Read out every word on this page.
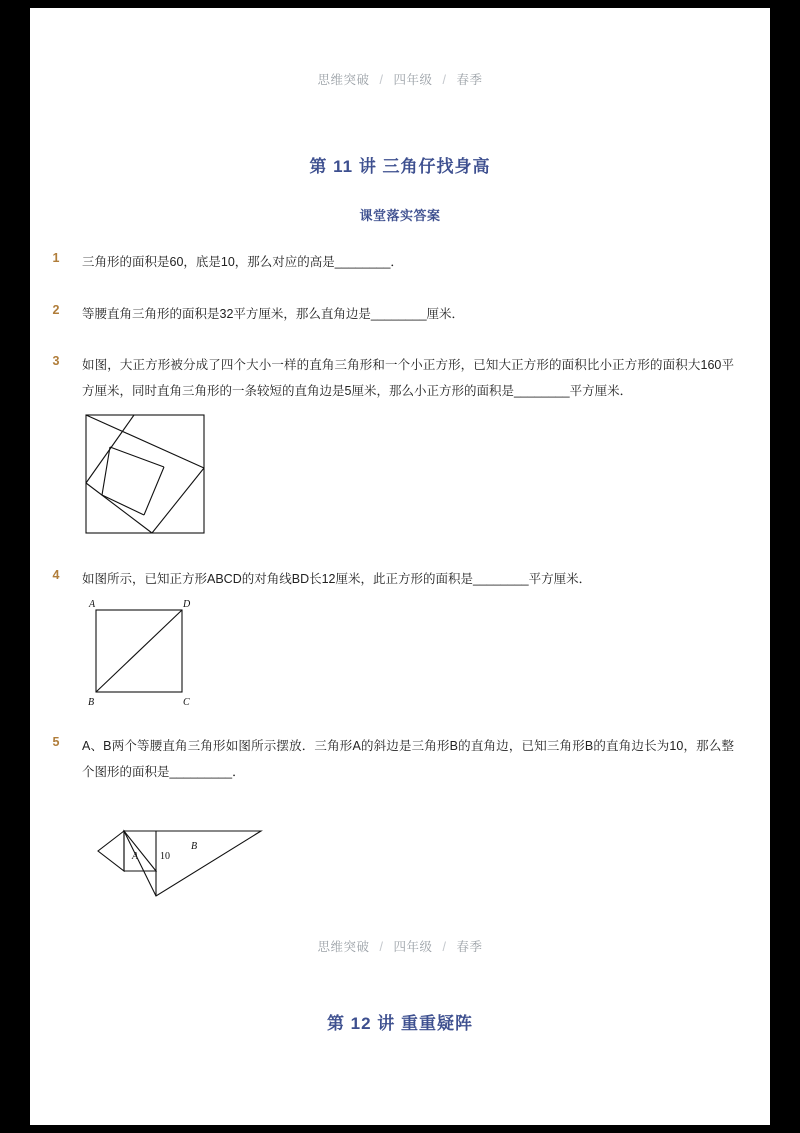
思维突破 / 四年级 / 春季
第 11 讲 三角仔找身高
课堂落实答案
1	三角形的面积是60，底是10，那么对应的高是________．
2	等腰直角三角形的面积是32平方厘米，那么直角边是________厘米．
3	如图，大正方形被分成了四个大小一样的直角三角形和一个小正方形，已知大正方形的面积比小正方形的面积大160平方厘米，同时直角三角形的一条较短的直角边是5厘米，那么小正方形的面积是________平方厘米．
4	如图所示，已知正方形ABCD的对角线BD长12厘米，此正方形的面积是________平方厘米．
A
B	C
D
5	A、B两个等腰直角三角形如图所示摆放．三角形A的斜边是三角形B的直角边，已知三角形B的直角边长为10，那么整个图形的面积是_________．
A
B
10
思维突破 / 四年级 / 春季
第 12 讲 重重疑阵
